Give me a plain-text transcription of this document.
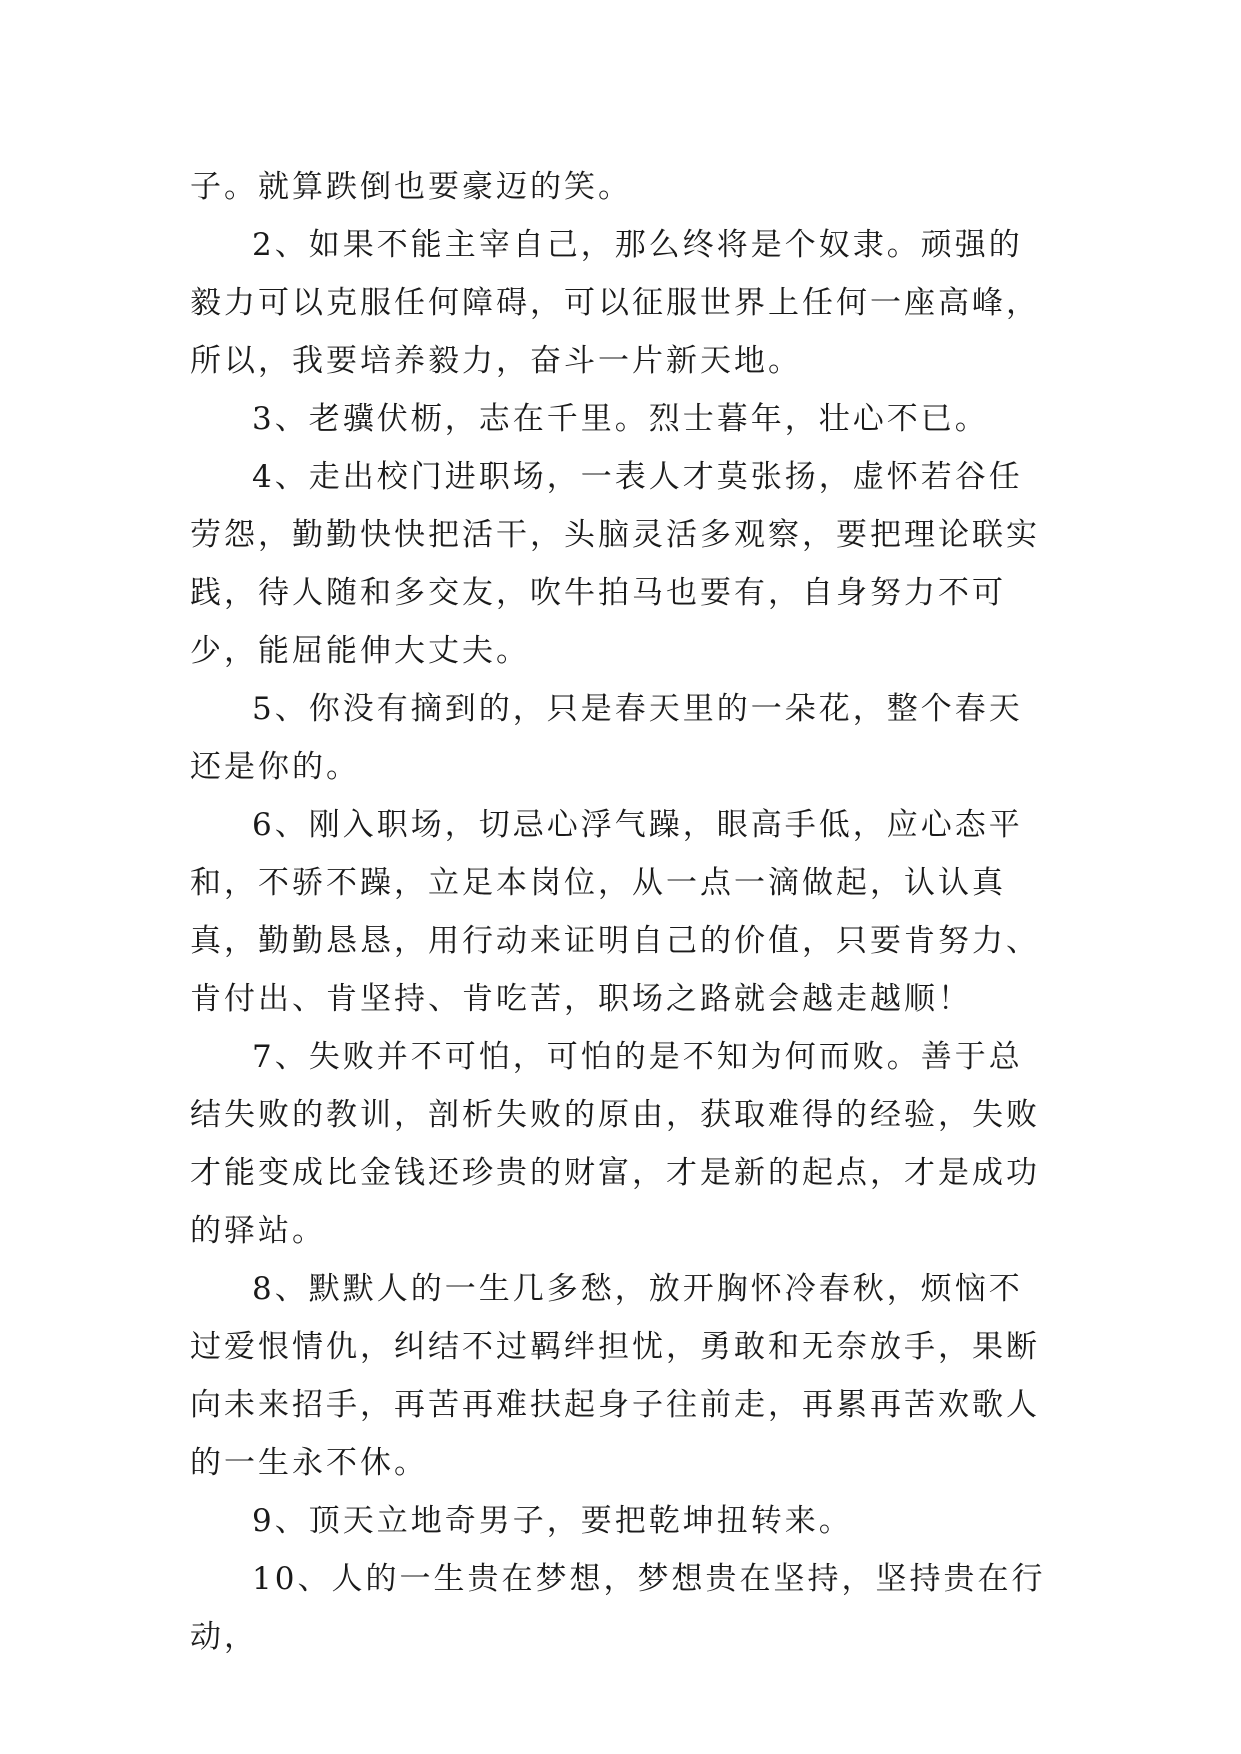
子。就算跌倒也要豪迈的笑。

2、如果不能主宰自己，那么终将是个奴隶。顽强的毅力可以克服任何障碍，可以征服世界上任何一座高峰，所以，我要培养毅力，奋斗一片新天地。

3、老骥伏枥，志在千里。烈士暮年，壮心不已。

4、走出校门进职场，一表人才莫张扬，虚怀若谷任劳怨，勤勤快快把活干，头脑灵活多观察，要把理论联实践，待人随和多交友，吹牛拍马也要有，自身努力不可少，能屈能伸大丈夫。

5、你没有摘到的，只是春天里的一朵花，整个春天还是你的。

6、刚入职场，切忌心浮气躁，眼高手低，应心态平和，不骄不躁，立足本岗位，从一点一滴做起，认认真真，勤勤恳恳，用行动来证明自己的价值，只要肯努力、肯付出、肯坚持、肯吃苦，职场之路就会越走越顺！

7、失败并不可怕，可怕的是不知为何而败。善于总结失败的教训，剖析失败的原由，获取难得的经验，失败才能变成比金钱还珍贵的财富，才是新的起点，才是成功的驿站。

8、默默人的一生几多愁，放开胸怀冷春秋，烦恼不过爱恨情仇，纠结不过羁绊担忧，勇敢和无奈放手，果断向未来招手，再苦再难扶起身子往前走，再累再苦欢歌人的一生永不休。

9、顶天立地奇男子，要把乾坤扭转来。

10、人的一生贵在梦想，梦想贵在坚持，坚持贵在行动，
